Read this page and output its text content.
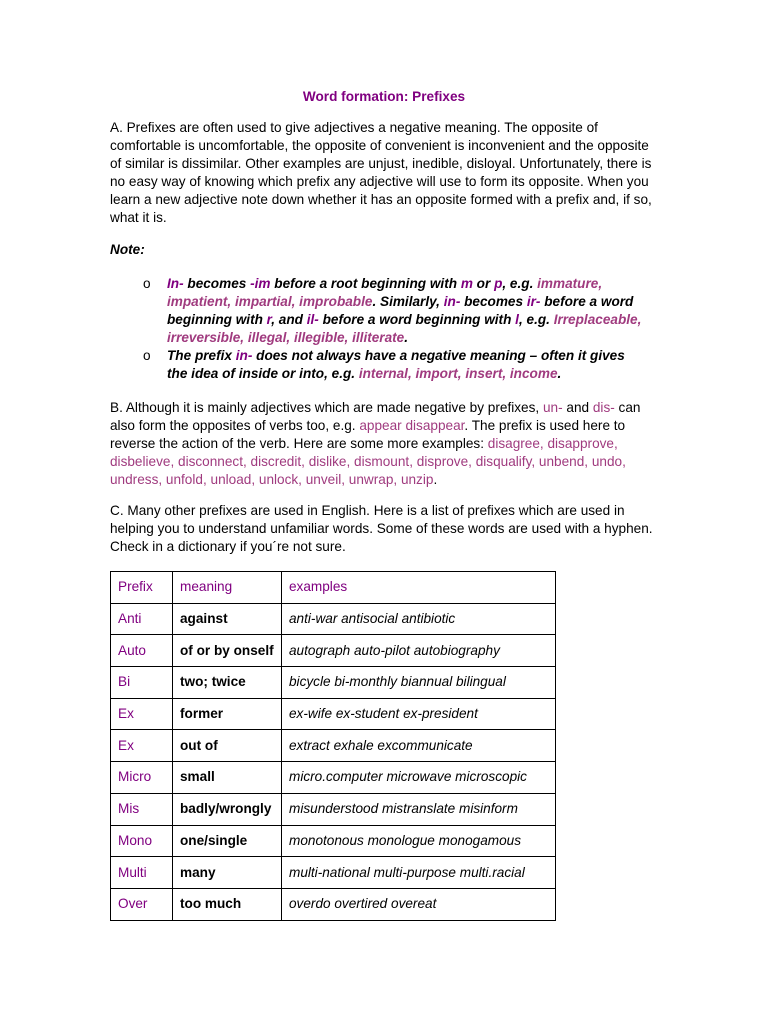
Word formation: Prefixes

A. Prefixes are often used to give adjectives a negative meaning. The opposite of comfortable is uncomfortable, the opposite of convenient is inconvenient and the opposite of similar is dissimilar. Other examples are unjust, inedible, disloyal. Unfortunately, there is no easy way of knowing which prefix any adjective will use to form its opposite. When you learn a new adjective note down whether it has an opposite formed with a prefix and, if so, what it is.

Note:

o In- becomes -im before a root beginning with m or p, e.g. immature, impatient, impartial, improbable. Similarly, in- becomes ir- before a word beginning with r, and il- before a word beginning with l, e.g. Irreplaceable, irreversible, illegal, illegible, illiterate.

o The prefix in- does not always have a negative meaning – often it gives the idea of inside or into, e.g. internal, import, insert, income.

B. Although it is mainly adjectives which are made negative by prefixes, un- and dis- can also form the opposites of verbs too, e.g. appear disappear. The prefix is used here to reverse the action of the verb. Here are some more examples: disagree, disapprove, disbelieve, disconnect, discredit, dislike, dismount, disprove, disqualify, unbend, undo, undress, unfold, unload, unlock, unveil, unwrap, unzip.

C. Many other prefixes are used in English. Here is a list of prefixes which are used in helping you to understand unfamiliar words. Some of these words are used with a hyphen. Check in a dictionary if you´re not sure.

Prefix	meaning	examples
Anti	against	anti-war antisocial antibiotic
Auto	of or by onself	autograph auto-pilot autobiography
Bi	two; twice	bicycle bi-monthly biannual bilingual
Ex	former	ex-wife ex-student ex-president
Ex	out of	extract exhale excommunicate
Micro	small	micro.computer microwave microscopic
Mis	badly/wrongly	misunderstood mistranslate misinform
Mono	one/single	monotonous monologue monogamous
Multi	many	multi-national multi-purpose multi.racial
Over	too much	overdo overtired overeat
